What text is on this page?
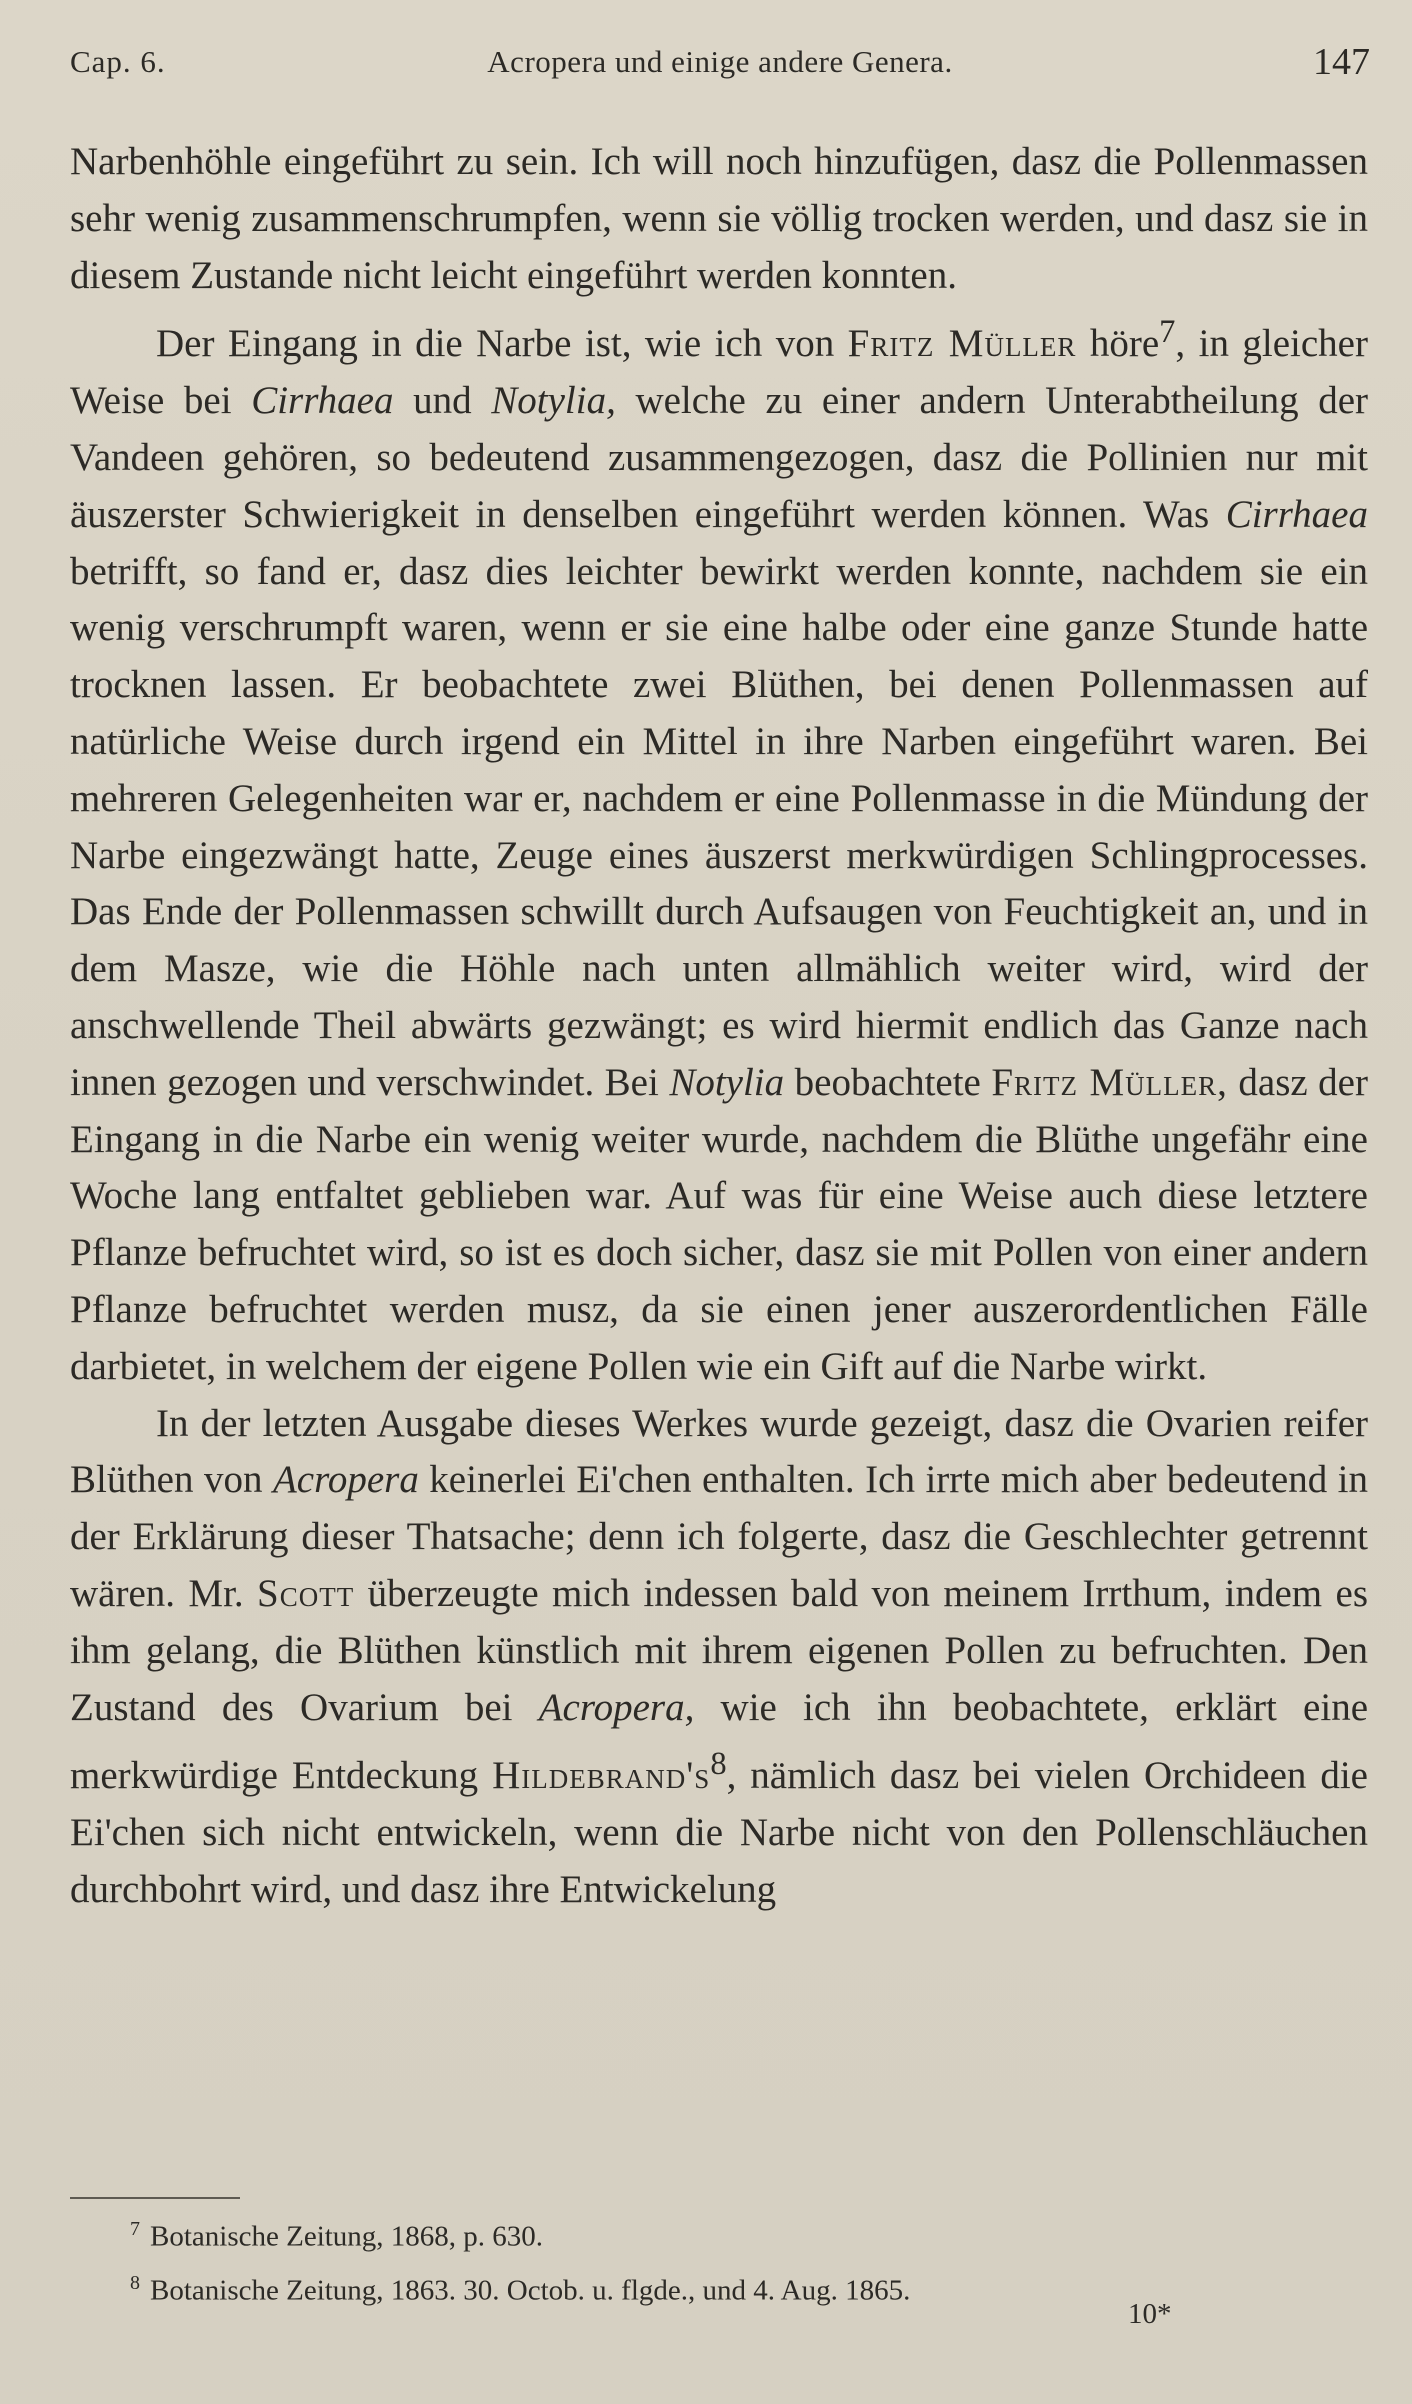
Cap. 6.	Acropera und einige andere Genera.	147

Narbenhöhle eingeführt zu sein. Ich will noch hinzufügen, dasz die Pollenmassen sehr wenig zusammenschrumpfen, wenn sie völlig trocken werden, und dasz sie in diesem Zustande nicht leicht eingeführt werden konnten.

Der Eingang in die Narbe ist, wie ich von Fritz Müller höre$^7$, in gleicher Weise bei Cirrhaea und Notylia, welche zu einer andern Unterabtheilung der Vandeen gehören, so bedeutend zusammengezogen, dasz die Pollinien nur mit äuszerster Schwierigkeit in denselben eingeführt werden können. Was Cirrhaea betrifft, so fand er, dasz dies leichter bewirkt werden konnte, nachdem sie ein wenig verschrumpft waren, wenn er sie eine halbe oder eine ganze Stunde hatte trocknen lassen. Er beobachtete zwei Blüthen, bei denen Pollenmassen auf natürliche Weise durch irgend ein Mittel in ihre Narben eingeführt waren. Bei mehreren Gelegenheiten war er, nachdem er eine Pollenmasse in die Mündung der Narbe eingezwängt hatte, Zeuge eines äuszerst merkwürdigen Schlingprocesses. Das Ende der Pollenmassen schwillt durch Aufsaugen von Feuchtigkeit an, und in dem Masze, wie die Höhle nach unten allmählich weiter wird, wird der anschwellende Theil abwärts gezwängt; es wird hiermit endlich das Ganze nach innen gezogen und verschwindet. Bei Notylia beobachtete Fritz Müller, dasz der Eingang in die Narbe ein wenig weiter wurde, nachdem die Blüthe ungefähr eine Woche lang entfaltet geblieben war. Auf was für eine Weise auch diese letztere Pflanze befruchtet wird, so ist es doch sicher, dasz sie mit Pollen von einer andern Pflanze befruchtet werden musz, da sie einen jener auszerordentlichen Fälle darbietet, in welchem der eigene Pollen wie ein Gift auf die Narbe wirkt.

In der letzten Ausgabe dieses Werkes wurde gezeigt, dasz die Ovarien reifer Blüthen von Acropera keinerlei Ei'chen enthalten. Ich irrte mich aber bedeutend in der Erklärung dieser Thatsache; denn ich folgerte, dasz die Geschlechter getrennt wären. Mr. Scott überzeugte mich indessen bald von meinem Irrthum, indem es ihm gelang, die Blüthen künstlich mit ihrem eigenen Pollen zu befruchten. Den Zustand des Ovarium bei Acropera, wie ich ihn beobachtete, erklärt eine merkwürdige Entdeckung $Hildebrand's^8$, nämlich dasz bei vielen Orchideen die Ei'chen sich nicht entwickeln, wenn die Narbe nicht von den Pollenschläuchen durchbohrt wird, und dasz ihre Entwickelung

$^7$ Botanische Zeitung, 1868, p. 630.
$^8$ Botanische Zeitung, 1863. 30. Octob. u. flgde., und 4. Aug. 1865.
10*
